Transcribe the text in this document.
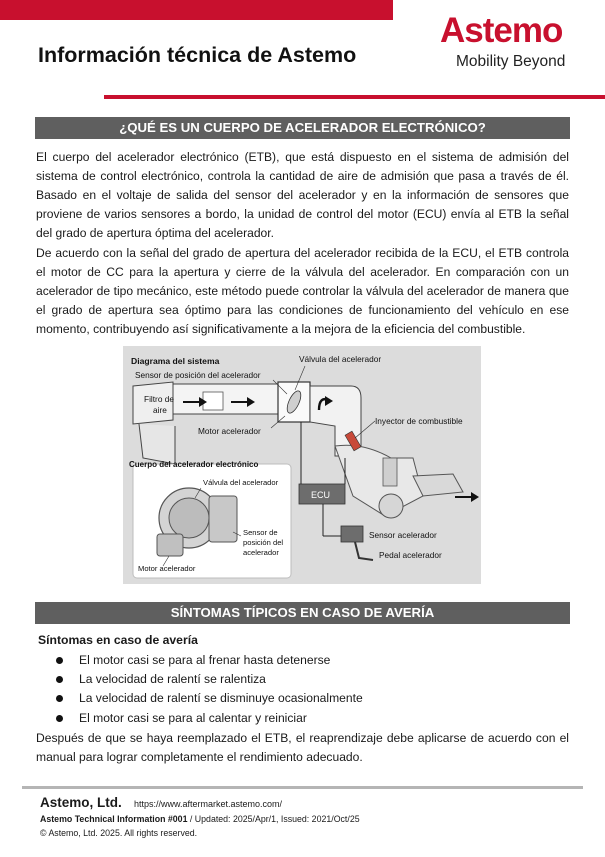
Información técnica de Astemo
Astemo
Mobility Beyond
¿QUÉ ES UN CUERPO DE ACELERADOR ELECTRÓNICO?

El cuerpo del acelerador electrónico (ETB), que está dispuesto en el sistema de admisión del sistema de control electrónico, controla la cantidad de aire de admisión que pasa a través de él. Basado en el voltaje de salida del sensor del acelerador y en la información de sensores que proviene de varios sensores a bordo, la unidad de control del motor (ECU) envía al ETB la señal del grado de apertura óptima del acelerador.

De acuerdo con la señal del grado de apertura del acelerador recibida de la ECU, el ETB controla el motor de CC para la apertura y cierre de la válvula del acelerador. En comparación con un acelerador de tipo mecánico, este método puede controlar la válvula del acelerador de manera que el grado de apertura sea óptimo para las condiciones de funcionamiento del vehículo en ese momento, contribuyendo así significativamente a la mejora de la eficiencia del combustible.

Diagrama del sistema
Sensor de posición del acelerador
Válvula del acelerador
Filtro de
aire
Motor acelerador
Inyector de combustible
Cuerpo del acelerador electrónico
Válvula del acelerador
Sensor de
posición del
acelerador
Motor acelerador
ECU
Sensor acelerador
Pedal acelerador
SÍNTOMAS TÍPICOS EN CASO DE AVERÍA
Síntomas en caso de avería
El motor casi se para al frenar hasta detenerse
La velocidad de ralentí se ralentiza
La velocidad de ralentí se disminuye ocasionalmente
El motor casi se para al calentar y reiniciar

Después de que se haya reemplazado el ETB, el reaprendizaje debe aplicarse de acuerdo con el manual para lograr completamente el rendimiento adecuado.

Astemo, Ltd. https://www.aftermarket.astemo.com/
Astemo Technical Information #001 / Updated: 2025/Apr/1, Issued: 2021/Oct/25
© Astemo, Ltd. 2025. All rights reserved.
